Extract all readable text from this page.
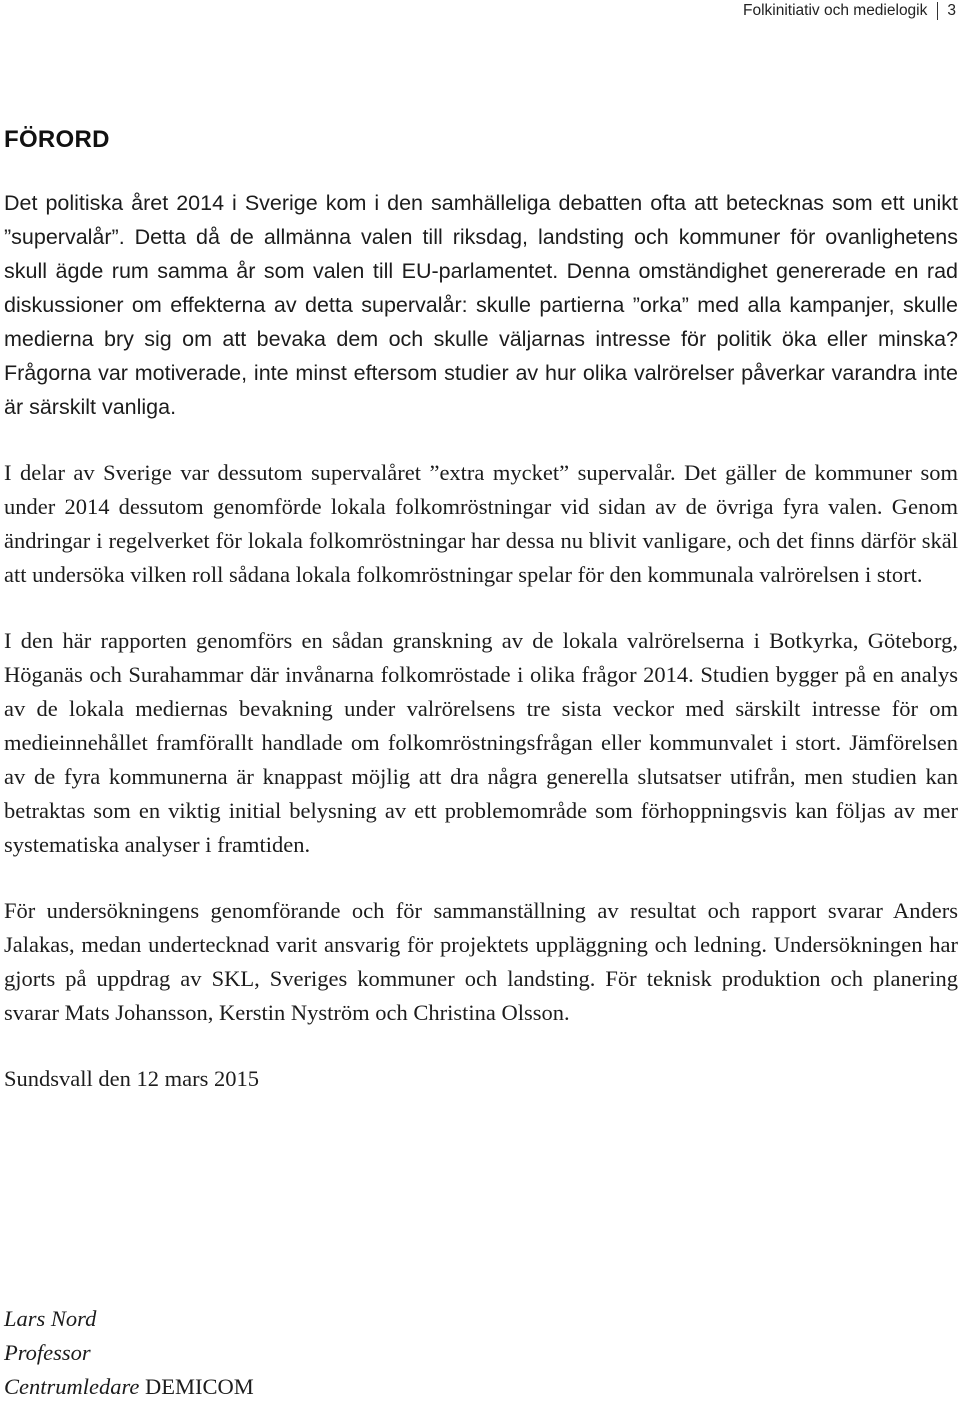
Folkinitiativ och medielogik 3
FÖRORD

Det politiska året 2014 i Sverige kom i den samhälleliga debatten ofta att betecknas som ett unikt ”supervalår”. Detta då de allmänna valen till riksdag, landsting och kommuner för ovanlighetens skull ägde rum samma år som valen till EU-parlamentet. Denna omständighet genererade en rad diskussioner om effekterna av detta supervalår: skulle partierna ”orka” med alla kampanjer, skulle medierna bry sig om att bevaka dem och skulle väljarnas intresse för politik öka eller minska? Frågorna var motiverade, inte minst eftersom studier av hur olika valrörelser påverkar varandra inte är särskilt vanliga.

I delar av Sverige var dessutom supervalåret ”extra mycket” supervalår. Det gäller de kommuner som under 2014 dessutom genomförde lokala folkomröstningar vid sidan av de övriga fyra valen. Genom ändringar i regelverket för lokala folkomröstningar har dessa nu blivit vanligare, och det finns därför skäl att undersöka vilken roll sådana lokala folkomröstningar spelar för den kommunala valrörelsen i stort.

I den här rapporten genomförs en sådan granskning av de lokala valrörelserna i Botkyrka, Göteborg, Höganäs och Surahammar där invånarna folkomröstade i olika frågor 2014. Studien bygger på en analys av de lokala mediernas bevakning under valrörelsens tre sista veckor med särskilt intresse för om medieinnehållet framförallt handlade om folkomröstningsfrågan eller kommunvalet i stort. Jämförelsen av de fyra kommunerna är knappast möjlig att dra några generella slutsatser utifrån, men studien kan betraktas som en viktig initial belysning av ett problemområde som förhoppningsvis kan följas av mer systematiska analyser i framtiden.

För undersökningens genomförande och för sammanställning av resultat och rapport svarar Anders Jalakas, medan undertecknad varit ansvarig för projektets uppläggning och ledning. Undersökningen har gjorts på uppdrag av SKL, Sveriges kommuner och landsting. För teknisk produktion och planering svarar Mats Johansson, Kerstin Nyström och Christina Olsson.

Sundsvall den 12 mars 2015

Lars Nord
Professor
Centrumledare DEMICOM
